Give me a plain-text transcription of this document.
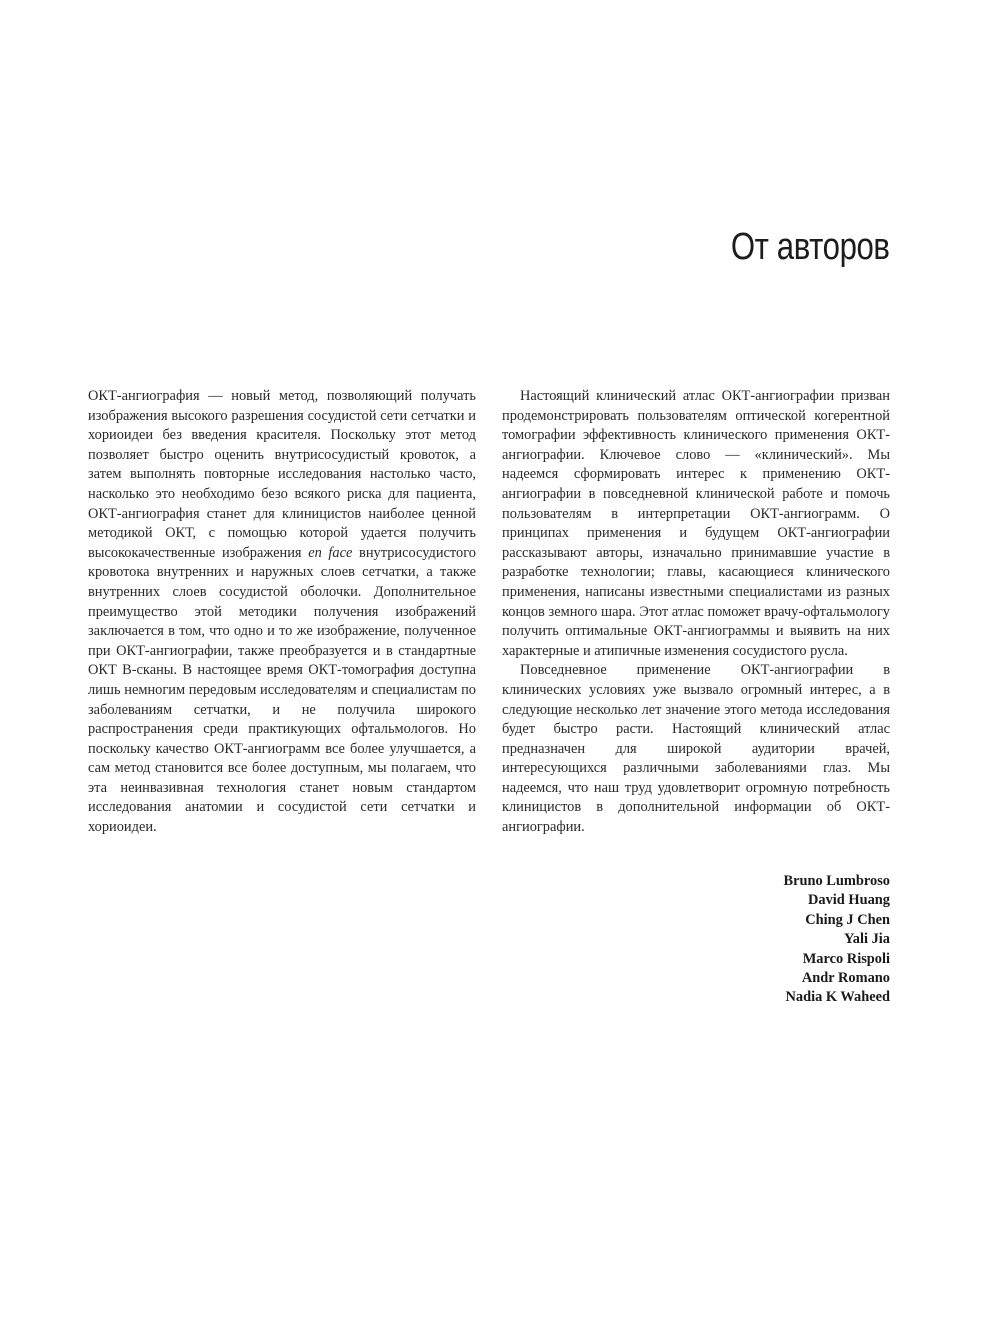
От авторов

ОКТ-ангиография — новый метод, позволяющий получать изображения высокого разрешения сосудистой сети сетчатки и хориоидеи без введения красителя. Поскольку этот метод позволяет быстро оценить внутрисосудистый кровоток, а затем выполнять повторные исследования настолько часто, насколько это необходимо безо всякого риска для пациента, ОКТ-ангиография станет для клиницистов наиболее ценной методикой ОКТ, с помощью которой удается получить высококачественные изображения en face внутрисосудистого кровотока внутренних и наружных слоев сетчатки, а также внутренних слоев сосудистой оболочки. Дополнительное преимущество этой методики получения изображений заключается в том, что одно и то же изображение, полученное при ОКТ-ангиографии, также преобразуется и в стандартные ОКТ B-сканы. В настоящее время ОКТ-томография доступна лишь немногим передовым исследователям и специалистам по заболеваниям сетчатки, и не получила широкого распространения среди практикующих офтальмологов. Но поскольку качество ОКТ-ангиограмм все более улучшается, а сам метод становится все более доступным, мы полагаем, что эта неинвазивная технология станет новым стандартом исследования анатомии и сосудистой сети сетчатки и хориоидеи.

Настоящий клинический атлас ОКТ-ангиографии призван продемонстрировать пользователям оптической когерентной томографии эффективность клинического применения ОКТ-ангиографии. Ключевое слово — «клинический». Мы надеемся сформировать интерес к применению ОКТ-ангиографии в повседневной клинической работе и помочь пользователям в интерпретации ОКТ-ангиограмм. О принципах применения и будущем ОКТ-ангиографии рассказывают авторы, изначально принимавшие участие в разработке технологии; главы, касающиеся клинического применения, написаны известными специалистами из разных концов земного шара. Этот атлас поможет врачу-офтальмологу получить оптимальные ОКТ-ангиограммы и выявить на них характерные и атипичные изменения сосудистого русла.

Повседневное применение ОКТ-ангиографии в клинических условиях уже вызвало огромный интерес, а в следующие несколько лет значение этого метода исследования будет быстро расти. Настоящий клинический атлас предназначен для широкой аудитории врачей, интересующихся различными заболеваниями глаз. Мы надеемся, что наш труд удовлетворит огромную потребность клиницистов в дополнительной информации об ОКТ-ангиографии.

Bruno Lumbroso
David Huang
Ching J Chen
Yali Jia
Marco Rispoli
Andr Romano
Nadia K Waheed
